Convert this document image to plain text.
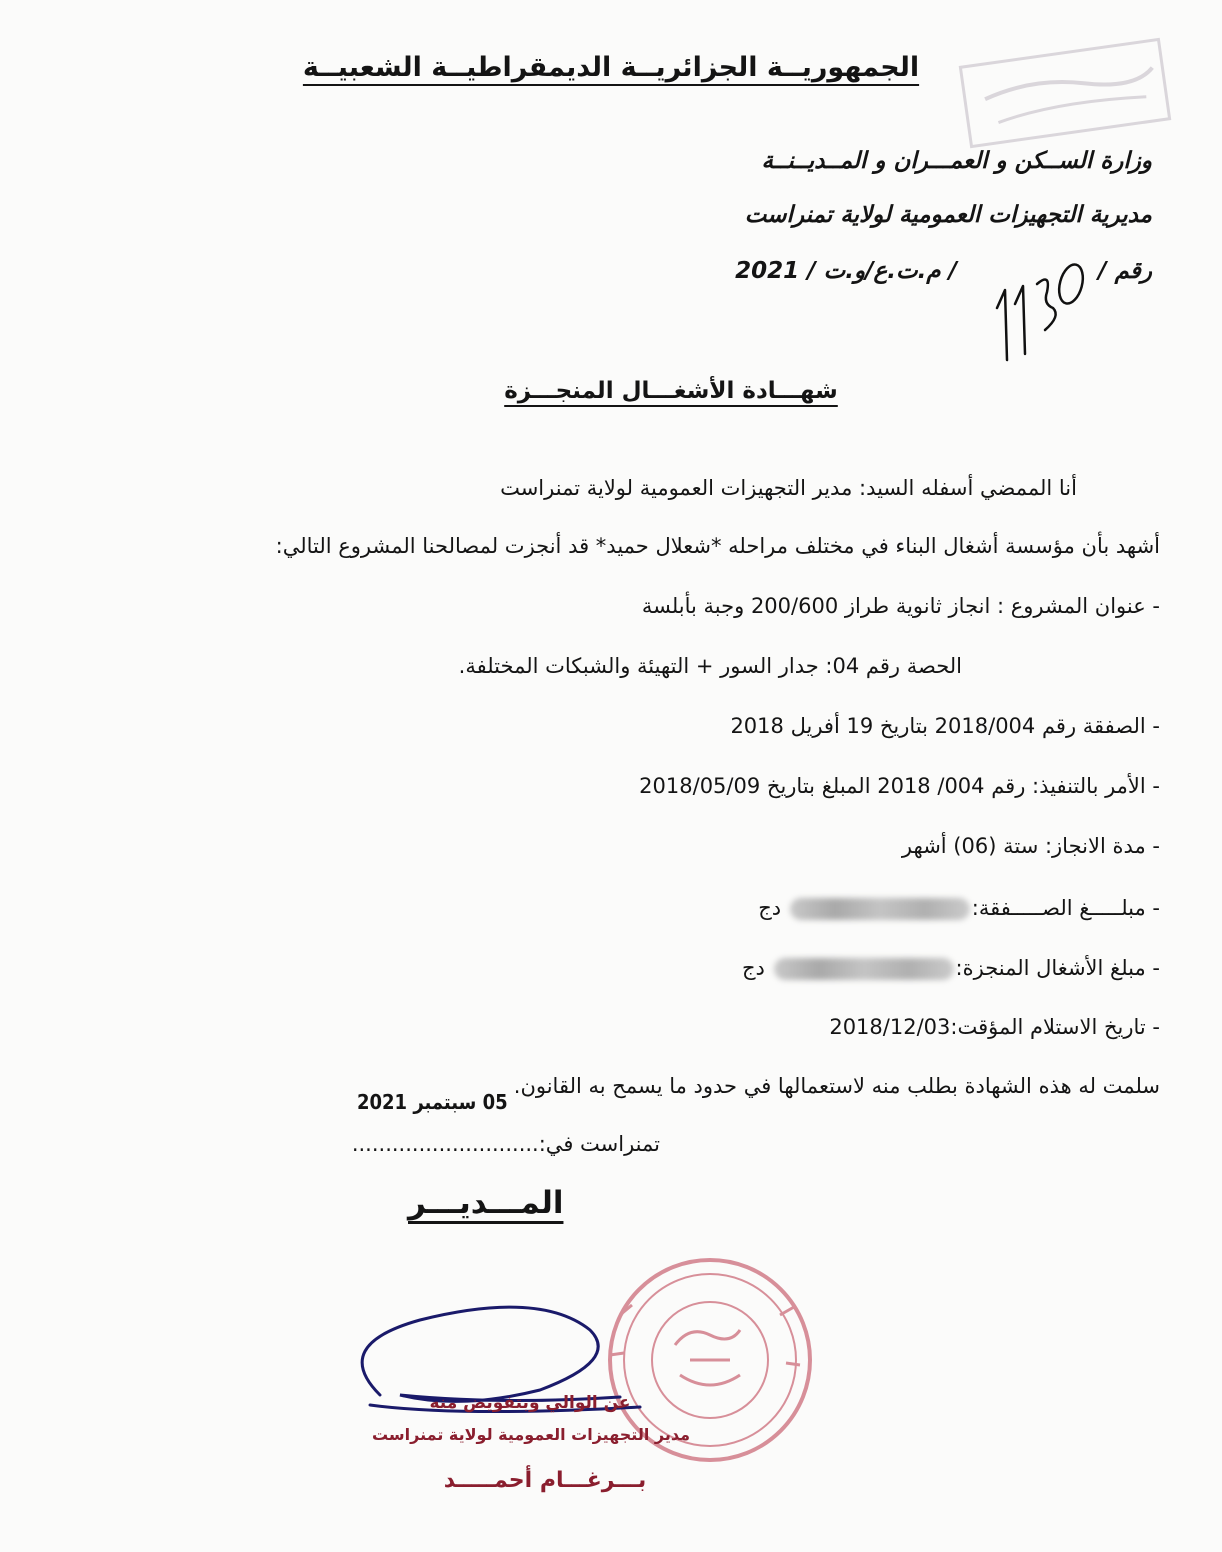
الجمهوريــة الجزائريــة الديمقراطيــة الشعبيــة
وزارة الســكن و العمـــران و المــديــنــة
مديرية التجهيزات العمومية لولاية تمنراست
رقم /
/ م.ت.ع/و.ت / 2021
1130
شهـــادة الأشغـــال المنجـــزة
أنا الممضي أسفله السيد: مدير التجهيزات العمومية لولاية تمنراست
أشهد بأن مؤسسة أشغال البناء في مختلف مراحله *شعلال حميد* قد أنجزت لمصالحنا المشروع التالي:
- عنوان المشروع : انجاز ثانوية طراز 200/600 وجبة بأبلسة
الحصة رقم 04: جدار السور + التهيئة والشبكات المختلفة.
- الصفقة رقم 2018/004 بتاريخ 19 أفريل 2018
- الأمر بالتنفيذ: رقم 004/ 2018 المبلغ بتاريخ 2018/05/09
- مدة الانجاز: ستة (06) أشهر
- مبلـــــغ الصـــــفقة: دج
- مبلغ الأشغال المنجزة: دج
- تاريخ الاستلام المؤقت:2018/12/03
سلمت له هذه الشهادة بطلب منه لاستعمالها في حدود ما يسمح به القانون.
05 سبتمبر 2021
تمنراست في:............................
المـــديـــر
عن الوالي وبتفويض منه
مدير التجهيزات العمومية لولاية تمنراست
بـــرغـــام أحمـــــد
